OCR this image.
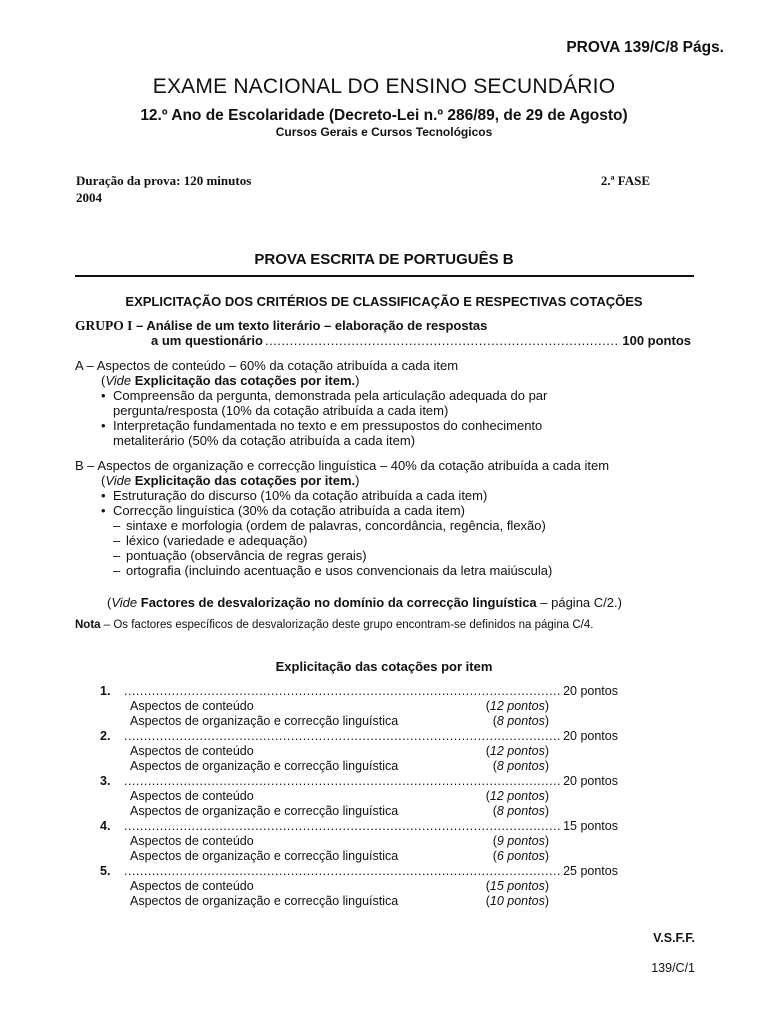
PROVA 139/C/8 Págs.
EXAME NACIONAL DO ENSINO SECUNDÁRIO
12.º Ano de Escolaridade (Decreto-Lei n.º 286/89, de 29 de Agosto)
Cursos Gerais e Cursos Tecnológicos
Duração da prova: 120 minutos
2004
2.ª FASE
PROVA ESCRITA DE PORTUGUÊS B
EXPLICITAÇÃO DOS CRITÉRIOS DE CLASSIFICAÇÃO E RESPECTIVAS COTAÇÕES
GRUPO I – Análise de um texto literário – elaboração de respostas
a um questionário .....	100 pontos
A – Aspectos de conteúdo – 60% da cotação atribuída a cada item
(Vide Explicitação das cotações por item.)
• Compreensão da pergunta, demonstrada pela articulação adequada do par pergunta/resposta (10% da cotação atribuída a cada item)
• Interpretação fundamentada no texto e em pressupostos do conhecimento metaliterário (50% da cotação atribuída a cada item)
B – Aspectos de organização e correcção linguística – 40% da cotação atribuída a cada item
(Vide Explicitação das cotações por item.)
• Estruturação do discurso (10% da cotação atribuída a cada item)
• Correcção linguística (30% da cotação atribuída a cada item)
– sintaxe e morfologia (ordem de palavras, concordância, regência, flexão)
– léxico (variedade e adequação)
– pontuação (observância de regras gerais)
– ortografia (incluindo acentuação e usos convencionais da letra maiúscula)
(Vide Factores de desvalorização no domínio da correcção linguística – página C/2.)
Nota – Os factores específicos de desvalorização deste grupo encontram-se definidos na página C/4.
Explicitação das cotações por item
1. .....	20 pontos
Aspectos de conteúdo	(12 pontos)
Aspectos de organização e correcção linguística	(8 pontos)
2. .....	20 pontos
Aspectos de conteúdo	(12 pontos)
Aspectos de organização e correcção linguística	(8 pontos)
3. .....	20 pontos
Aspectos de conteúdo	(12 pontos)
Aspectos de organização e correcção linguística	(8 pontos)
4. .....	15 pontos
Aspectos de conteúdo	(9 pontos)
Aspectos de organização e correcção linguística	(6 pontos)
5. .....	25 pontos
Aspectos de conteúdo	(15 pontos)
Aspectos de organização e correcção linguística	(10 pontos)
V.S.F.F.
139/C/1
